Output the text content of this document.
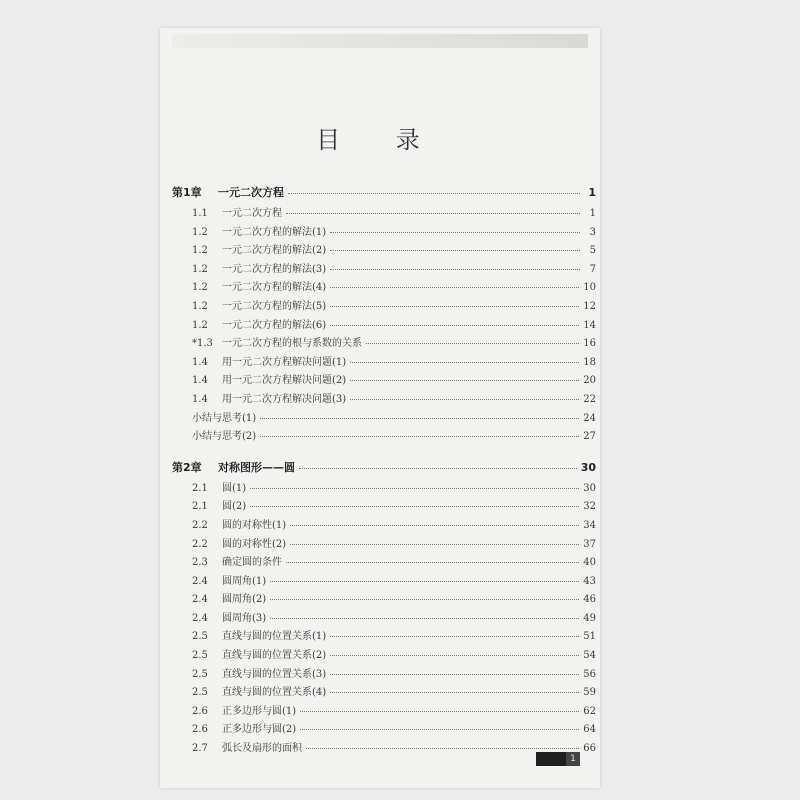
目 录
第1章	一元二次方程	1
1.1	一元二次方程	1
1.2	一元二次方程的解法(1)	3
1.2	一元二次方程的解法(2)	5
1.2	一元二次方程的解法(3)	7
1.2	一元二次方程的解法(4)	10
1.2	一元二次方程的解法(5)	12
1.2	一元二次方程的解法(6)	14
*1.3 一元二次方程的根与系数的关系	16
1.4	用一元二次方程解决问题(1)	18
1.4	用一元二次方程解决问题(2)	20
1.4	用一元二次方程解决问题(3)	22
小结与思考(1)	24
小结与思考(2)	27
第2章	对称图形——圆	30
2.1	圆(1)	30
2.1	圆(2)	32
2.2	圆的对称性(1)	34
2.2	圆的对称性(2)	37
2.3	确定圆的条件	40
2.4	圆周角(1)	43
2.4	圆周角(2)	46
2.4	圆周角(3)	49
2.5	直线与圆的位置关系(1)	51
2.5	直线与圆的位置关系(2)	54
2.5	直线与圆的位置关系(3)	56
2.5	直线与圆的位置关系(4)	59
2.6	正多边形与圆(1)	62
2.6	正多边形与圆(2)	64
2.7	弧长及扇形的面积	66
1
